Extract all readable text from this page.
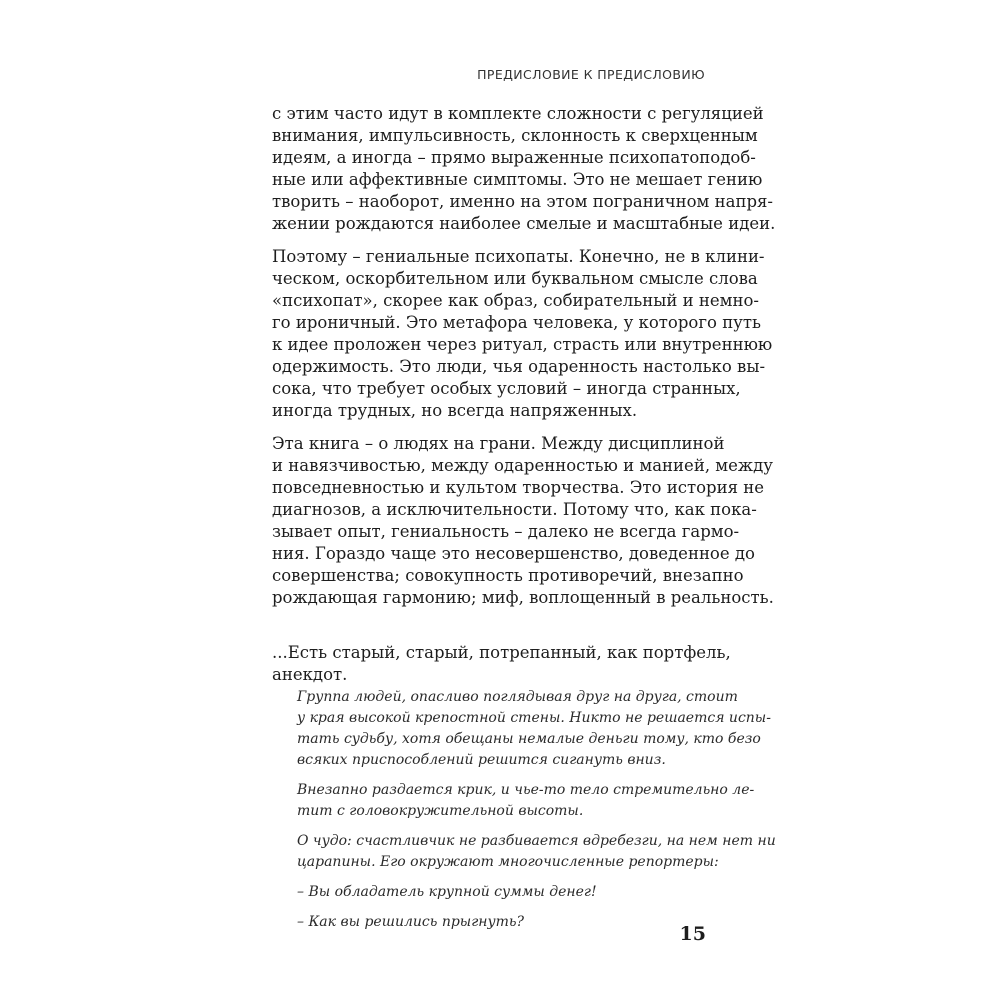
ПРЕДИСЛОВИЕ К ПРЕДИСЛОВИЮ
с этим часто идут в комплекте сложности с регуляцией
внимания, импульсивность, склонность к сверхценным
идеям, а иногда – прямо выраженные психопатоподоб-
ные или аффективные симптомы. Это не мешает гению
творить – наоборот, именно на этом пограничном напря-
жении рождаются наиболее смелые и масштабные идеи.
Поэтому – гениальные психопаты. Конечно, не в клини-
ческом, оскорбительном или буквальном смысле слова
«психопат», скорее как образ, собирательный и немно-
го ироничный. Это метафора человека, у которого путь
к идее проложен через ритуал, страсть или внутреннюю
одержимость. Это люди, чья одаренность настолько вы-
сока, что требует особых условий – иногда странных,
иногда трудных, но всегда напряженных.
Эта книга – о людях на грани. Между дисциплиной
и навязчивостью, между одаренностью и манией, между
повседневностью и культом творчества. Это история не
диагнозов, а исключительности. Потому что, как пока-
зывает опыт, гениальность – далеко не всегда гармо-
ния. Гораздо чаще это несовершенство, доведенное до
совершенства; совокупность противоречий, внезапно
рождающая гармонию; миф, воплощенный в реальность.
...Есть старый, старый, потрепанный, как портфель,
анекдот.
Группа людей, опасливо поглядывая друг на друга, стоит
у края высокой крепостной стены. Никто не решается испы-
тать судьбу, хотя обещаны немалые деньги тому, кто безо
всяких приспособлений решится сигануть вниз.
Внезапно раздается крик, и чье-то тело стремительно ле-
тит с головокружительной высоты.
О чудо: счастливчик не разбивается вдребезги, на нем нет ни
царапины. Его окружают многочисленные репортеры:
– Вы обладатель крупной суммы денег!
– Как вы решились прыгнуть?
15
